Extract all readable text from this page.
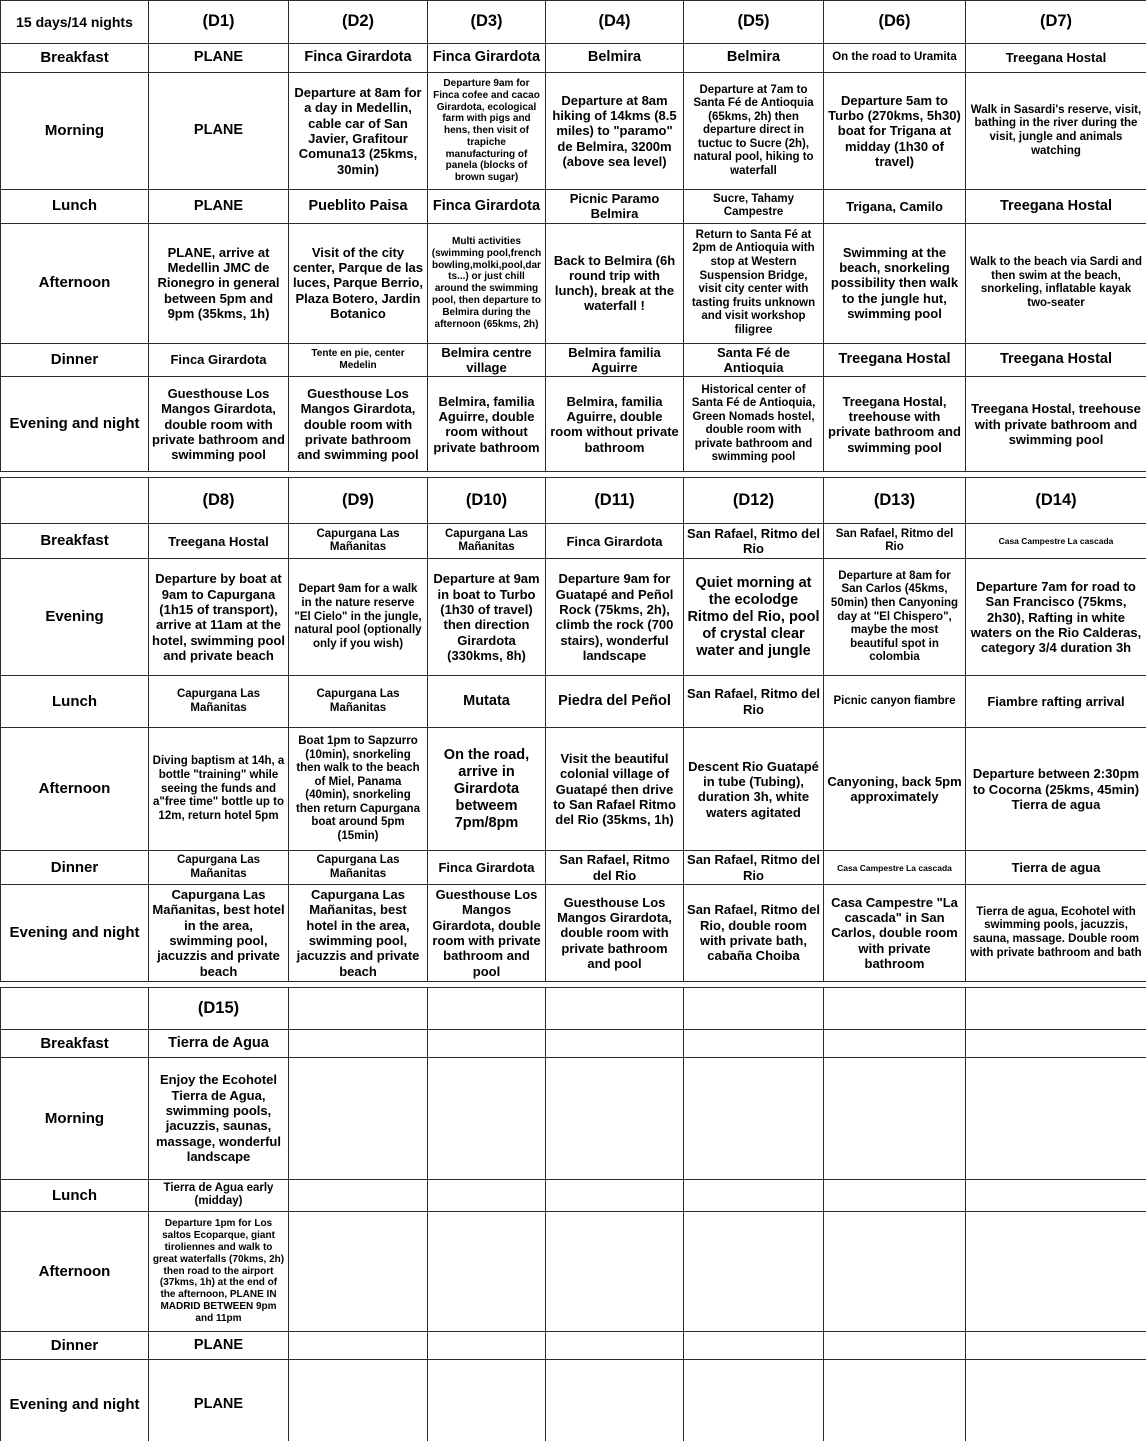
15 days/14 nights	(D1)	(D2)	(D3)	(D4)	(D5)	(D6)	(D7)
Breakfast	PLANE	Finca Girardota	Finca Girardota	Belmira	Belmira	On the road to Uramita	Treegana Hostal
Morning	PLANE	Departure at 8am for a day in Medellin, cable car of San Javier, Grafitour Comuna13 (25kms, 30min)	Departure 9am for Finca cofee and cacao Girardota, ecological farm with pigs and hens, then visit of trapiche manufacturing of panela (blocks of brown sugar)	Departure at 8am hiking of 14kms (8.5 miles) to "paramo" de Belmira, 3200m (above sea level)	Departure at 7am to Santa Fé de Antioquia (65kms, 2h) then departure direct in tuctuc to Sucre (2h), natural pool, hiking to waterfall	Departure 5am to Turbo (270kms, 5h30) boat for Trigana at midday (1h30 of travel)	Walk in Sasardi's reserve, visit, bathing in the river during the visit, jungle and animals watching
Lunch	PLANE	Pueblito Paisa	Finca Girardota	Picnic Paramo Belmira	Sucre, Tahamy Campestre	Trigana, Camilo	Treegana Hostal
Afternoon	PLANE, arrive at Medellin JMC de Rionegro in general between 5pm and 9pm (35kms, 1h)	Visit of the city center, Parque de las luces, Parque Berrio, Plaza Botero, Jardin Botanico	Multi activities (swimming pool,french bowling,molki,pool,darts...) or just chill around the swimming pool, then departure to Belmira during the afternoon (65kms, 2h)	Back to Belmira (6h round trip with lunch), break at the waterfall !	Return to Santa Fé at 2pm de Antioquia with stop at Western Suspension Bridge, visit city center with tasting fruits unknown and visit workshop filigree	Swimming at the beach, snorkeling possibility then walk to the jungle hut, swimming pool	Walk to the beach via Sardi and then swim at the beach, snorkeling, inflatable kayak two-seater
Dinner	Finca Girardota	Tente en pie, center Medelin	Belmira centre village	Belmira familia Aguirre	Santa Fé de Antioquia	Treegana Hostal	Treegana Hostal
Evening and night	Guesthouse Los Mangos Girardota, double room with private bathroom and swimming pool	Guesthouse Los Mangos Girardota, double room with private bathroom and swimming pool	Belmira, familia Aguirre, double room without private bathroom	Belmira, familia Aguirre, double room without private bathroom	Historical center of Santa Fé de Antioquia, Green Nomads hostel, double room with private bathroom and swimming pool	Treegana Hostal, treehouse with private bathroom and swimming pool	Treegana Hostal, treehouse with private bathroom and swimming pool
	(D8)	(D9)	(D10)	(D11)	(D12)	(D13)	(D14)
Breakfast	Treegana Hostal	Capurgana Las Mañanitas	Capurgana Las Mañanitas	Finca Girardota	San Rafael, Ritmo del Rio	San Rafael, Ritmo del Rio	Casa Campestre La cascada
Evening	Departure by boat at 9am to Capurgana (1h15 of transport), arrive at 11am at the hotel, swimming pool and private beach	Depart 9am for a walk in the nature reserve "El Cielo" in the jungle, natural pool (optionally only if you wish)	Departure at 9am in boat to Turbo (1h30 of travel) then direction Girardota (330kms, 8h)	Departure 9am for Guatapé and Peñol Rock (75kms, 2h), climb the rock (700 stairs), wonderful landscape	Quiet morning at the ecolodge Ritmo del Rio, pool of crystal clear water and jungle	Departure at 8am for San Carlos (45kms, 50min) then Canyoning day at "El Chispero", maybe the most beautiful spot in colombia	Departure 7am for road to San Francisco (75kms, 2h30), Rafting in white waters on the Rio Calderas, category 3/4 duration 3h
Lunch	Capurgana Las Mañanitas	Capurgana Las Mañanitas	Mutata	Piedra del Peñol	San Rafael, Ritmo del Rio	Picnic canyon fiambre	Fiambre rafting arrival
Afternoon	Diving baptism at 14h, a bottle "training" while seeing the funds and a"free time" bottle up to 12m, return hotel 5pm	Boat 1pm to Sapzurro (10min), snorkeling then walk to the beach of Miel, Panama (40min), snorkeling then return Capurgana boat around 5pm (15min)	On the road, arrive in Girardota betweem 7pm/8pm	Visit the beautiful colonial village of Guatapé then drive to San Rafael Ritmo del Rio (35kms, 1h)	Descent Rio Guatapé in tube (Tubing), duration 3h, white waters agitated	Canyoning, back 5pm approximately	Departure between 2:30pm to Cocorna (25kms, 45min) Tierra de agua
Dinner	Capurgana Las Mañanitas	Capurgana Las Mañanitas	Finca Girardota	San Rafael, Ritmo del Rio	San Rafael, Ritmo del Rio	Casa Campestre La cascada	Tierra de agua
Evening and night	Capurgana Las Mañanitas, best hotel in the area, swimming pool, jacuzzis and private beach	Capurgana Las Mañanitas, best hotel in the area, swimming pool, jacuzzis and private beach	Guesthouse Los Mangos Girardota, double room with private bathroom and pool	Guesthouse Los Mangos Girardota, double room with private bathroom and pool	San Rafael, Ritmo del Rio, double room with private bath, cabaña Choiba	Casa Campestre "La cascada" in San Carlos, double room with private bathroom	Tierra de agua, Ecohotel with swimming pools, jacuzzis, sauna, massage. Double room with private bathroom and bath
	(D15)						
Breakfast	Tierra de Agua						
Morning	Enjoy the Ecohotel Tierra de Agua, swimming pools, jacuzzis, saunas, massage, wonderful landscape						
Lunch	Tierra de Agua early (midday)						
Afternoon	Departure 1pm for Los saltos Ecoparque, giant tiroliennes and walk to great waterfalls (70kms, 2h) then road to the airport (37kms, 1h) at the end of the afternoon, PLANE IN MADRID BETWEEN 9pm and 11pm						
Dinner	PLANE						
Evening and night	PLANE						
